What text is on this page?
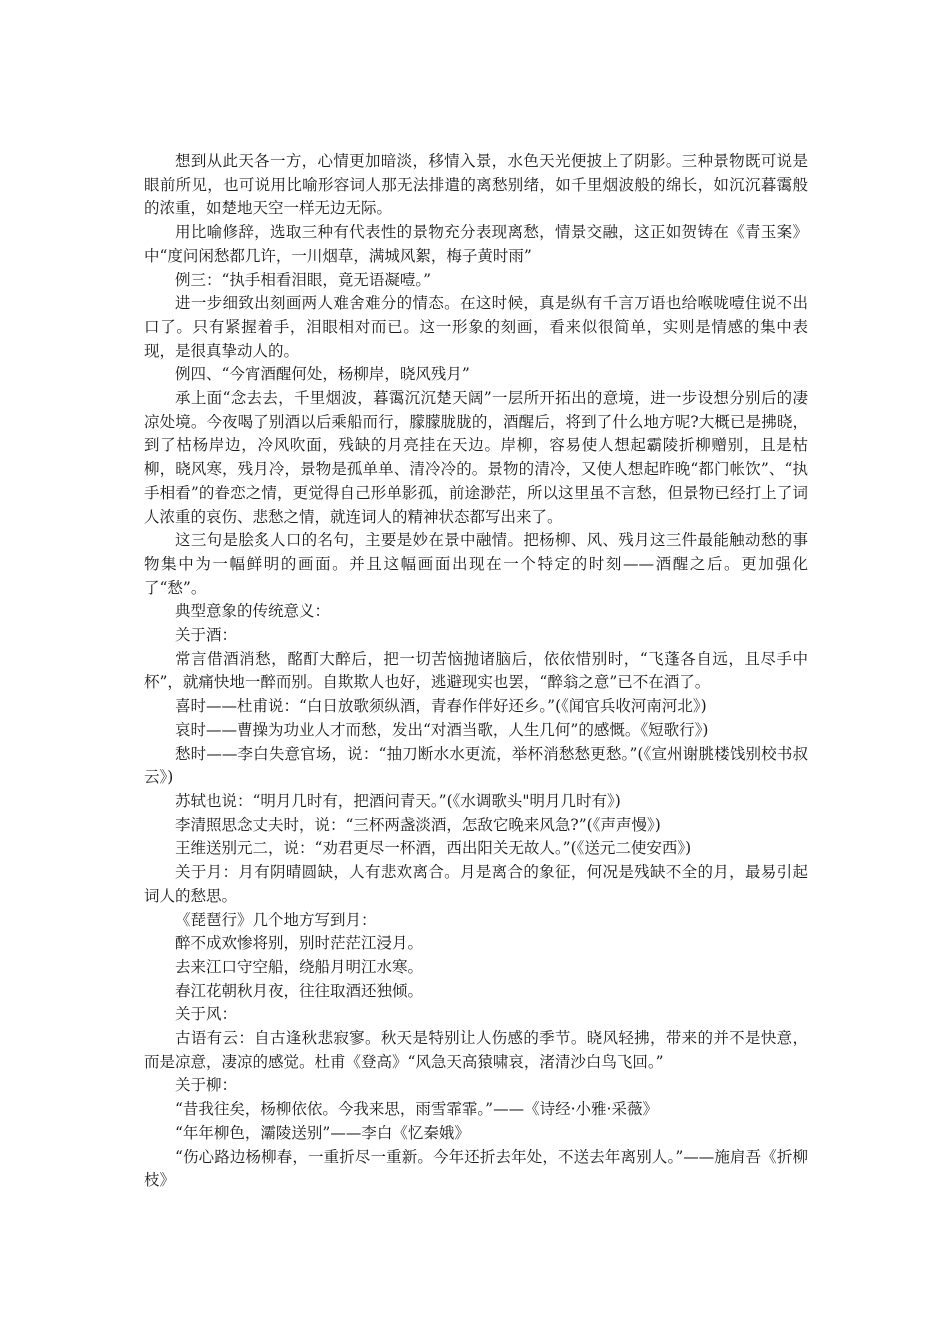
想到从此天各一方，心情更加暗淡，移情入景，水色天光便披上了阴影。三种景物既可说是眼前所见，也可说用比喻形容词人那无法排遣的离愁别绪，如千里烟波般的绵长，如沉沉暮霭般的浓重，如楚地天空一样无边无际。

用比喻修辞，选取三种有代表性的景物充分表现离愁，情景交融，这正如贺铸在《青玉案》中“度问闲愁都几许，一川烟草，满城风絮，梅子黄时雨”

例三：“执手相看泪眼，竟无语凝噎。”

进一步细致出刻画两人难舍难分的情态。在这时候，真是纵有千言万语也给喉咙噎住说不出口了。只有紧握着手，泪眼相对而已。这一形象的刻画，看来似很简单，实则是情感的集中表现，是很真挚动人的。

例四、“今宵酒醒何处，杨柳岸，晓风残月”

承上面“念去去，千里烟波，暮霭沉沉楚天阔”一层所开拓出的意境，进一步设想分别后的凄凉处境。今夜喝了别酒以后乘船而行，朦朦胧胧的，酒醒后，将到了什么地方呢?大概已是拂晓，到了枯杨岸边，冷风吹面，残缺的月亮挂在天边。岸柳，容易使人想起霸陵折柳赠别，且是枯柳，晓风寒，残月冷，景物是孤单单、清冷冷的。景物的清冷，又使人想起昨晚“都门帐饮”、“执手相看”的眷恋之情，更觉得自己形单影孤，前途渺茫，所以这里虽不言愁，但景物已经打上了词人浓重的哀伤、悲愁之情，就连词人的精神状态都写出来了。

这三句是脍炙人口的名句，主要是妙在景中融情。把杨柳、风、残月这三件最能触动愁的事物集中为一幅鲜明的画面。并且这幅画面出现在一个特定的时刻——酒醒之后。更加强化了“愁”。

典型意象的传统意义：

关于酒：

常言借酒消愁，酩酊大醉后，把一切苦恼抛诸脑后，依依惜别时，“飞蓬各自远，且尽手中杯”，就痛快地一醉而别。自欺欺人也好，逃避现实也罢，“醉翁之意”已不在酒了。

喜时——杜甫说：“白日放歌须纵酒，青春作伴好还乡。”(《闻官兵收河南河北》)

哀时——曹操为功业人才而愁，发出“对酒当歌，人生几何”的感慨。《短歌行》)

愁时——李白失意官场，说：“抽刀断水水更流，举杯消愁愁更愁。”(《宣州谢朓楼饯别校书叔云》)

苏轼也说：“明月几时有，把酒问青天。”(《水调歌头"明月几时有》)

李清照思念丈夫时，说：“三杯两盏淡酒，怎敌它晚来风急?”(《声声慢》)

王维送别元二，说：“劝君更尽一杯酒，西出阳关无故人。”(《送元二使安西》)

关于月：月有阴晴圆缺，人有悲欢离合。月是离合的象征，何况是残缺不全的月，最易引起词人的愁思。

《琵琶行》几个地方写到月：

醉不成欢惨将别，别时茫茫江浸月。

去来江口守空船，绕船月明江水寒。

春江花朝秋月夜，往往取酒还独倾。

关于风：

古语有云：自古逢秋悲寂寥。秋天是特别让人伤感的季节。晓风轻拂，带来的并不是快意，而是凉意，凄凉的感觉。杜甫《登高》“风急天高猿啸哀，渚清沙白鸟飞回。”

关于柳：

“昔我往矣，杨柳依依。今我来思，雨雪霏霏。”——《诗经·小雅·采薇》

“年年柳色，灞陵送别”——李白《忆秦娥》

“伤心路边杨柳春，一重折尽一重新。今年还折去年处，不送去年离别人。”——施肩吾《折柳枝》
